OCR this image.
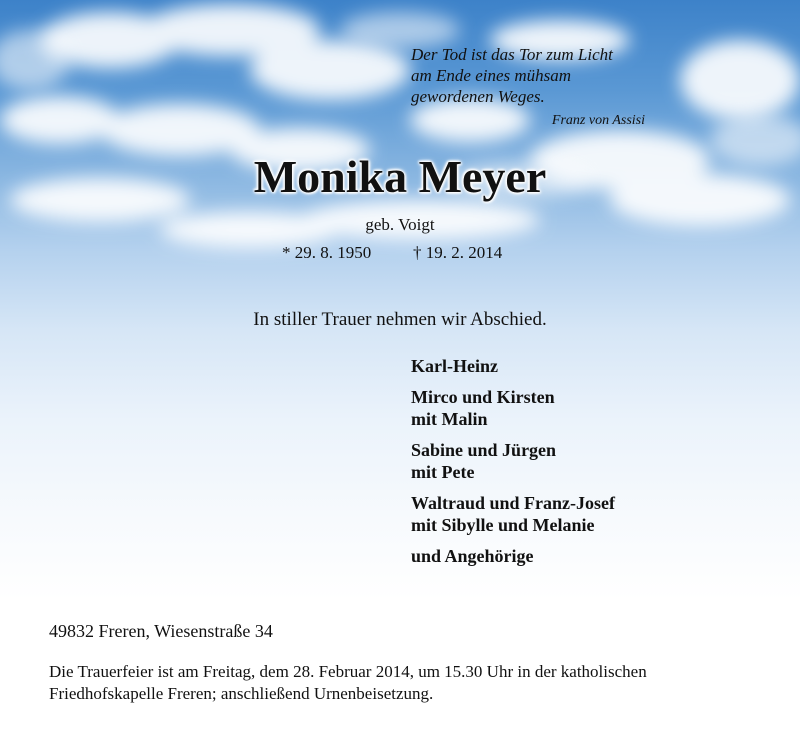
Der Tod ist das Tor zum Licht
am Ende eines mühsam
gewordenen Weges.
Franz von Assisi
Monika Meyer
geb. Voigt
* 29. 8. 1950 † 19. 2. 2014
In stiller Trauer nehmen wir Abschied.
Karl-Heinz
Mirco und Kirsten
mit Malin
Sabine und Jürgen
mit Pete
Waltraud und Franz-Josef
mit Sibylle und Melanie
und Angehörige
49832 Freren, Wiesenstraße 34
Die Trauerfeier ist am Freitag, dem 28. Februar 2014, um 15.30 Uhr in der katholischen
Friedhofskapelle Freren; anschließend Urnenbeisetzung.
